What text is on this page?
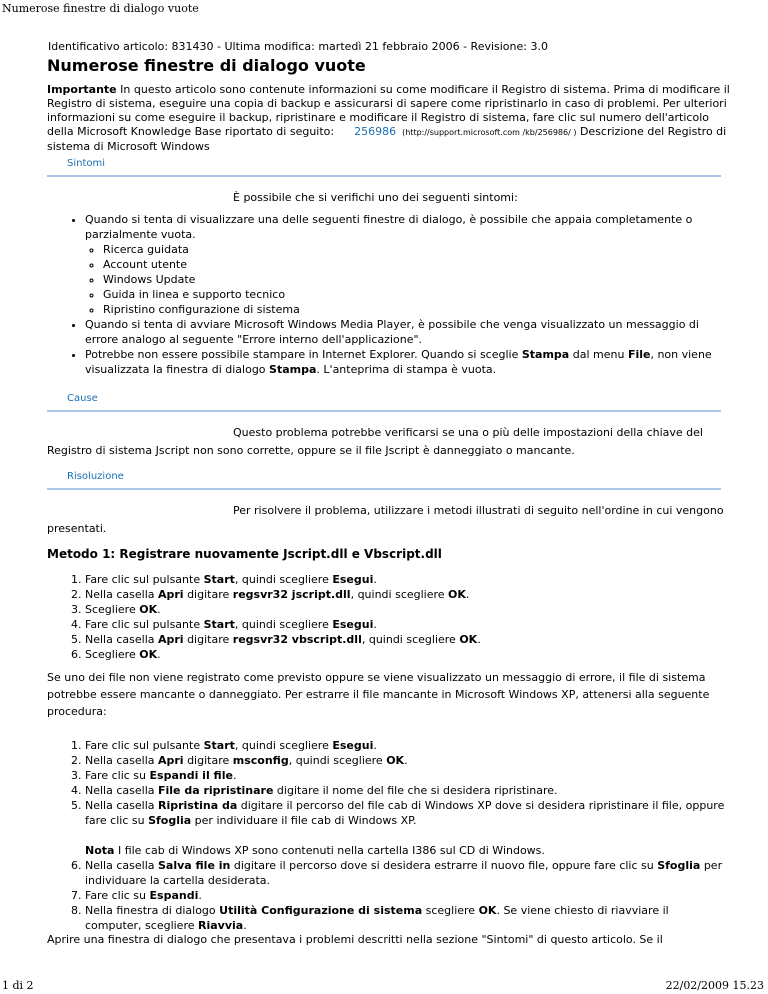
Numerose finestre di dialogo vuote
Identificativo articolo: 831430 - Ultima modifica: martedì 21 febbraio 2006 - Revisione: 3.0
Numerose finestre di dialogo vuote
Importante In questo articolo sono contenute informazioni su come modificare il Registro di sistema. Prima di modificare il Registro di sistema, eseguire una copia di backup e assicurarsi di sapere come ripristinarlo in caso di problemi. Per ulteriori informazioni su come eseguire il backup, ripristinare e modificare il Registro di sistema, fare clic sul numero dell'articolo della Microsoft Knowledge Base riportato di seguito: 256986 (http://support.microsoft.com /kb/256986/ ) Descrizione del Registro di sistema di Microsoft Windows
Sintomi
È possibile che si verifichi uno dei seguenti sintomi:
• Quando si tenta di visualizzare una delle seguenti finestre di dialogo, è possibile che appaia completamente o parzialmente vuota.
◦ Ricerca guidata
◦ Account utente
◦ Windows Update
◦ Guida in linea e supporto tecnico
◦ Ripristino configurazione di sistema
• Quando si tenta di avviare Microsoft Windows Media Player, è possibile che venga visualizzato un messaggio di errore analogo al seguente "Errore interno dell'applicazione".
• Potrebbe non essere possibile stampare in Internet Explorer. Quando si sceglie Stampa dal menu File, non viene visualizzata la finestra di dialogo Stampa. L'anteprima di stampa è vuota.
Cause
Questo problema potrebbe verificarsi se una o più delle impostazioni della chiave del Registro di sistema Jscript non sono corrette, oppure se il file Jscript è danneggiato o mancante.
Risoluzione
Per risolvere il problema, utilizzare i metodi illustrati di seguito nell'ordine in cui vengono presentati.
Metodo 1: Registrare nuovamente Jscript.dll e Vbscript.dll
1. Fare clic sul pulsante Start, quindi scegliere Esegui.
2. Nella casella Apri digitare regsvr32 jscript.dll, quindi scegliere OK.
3. Scegliere OK.
4. Fare clic sul pulsante Start, quindi scegliere Esegui.
5. Nella casella Apri digitare regsvr32 vbscript.dll, quindi scegliere OK.
6. Scegliere OK.
Se uno dei file non viene registrato come previsto oppure se viene visualizzato un messaggio di errore, il file di sistema potrebbe essere mancante o danneggiato. Per estrarre il file mancante in Microsoft Windows XP, attenersi alla seguente procedura:
1. Fare clic sul pulsante Start, quindi scegliere Esegui.
2. Nella casella Apri digitare msconfig, quindi scegliere OK.
3. Fare clic su Espandi il file.
4. Nella casella File da ripristinare digitare il nome del file che si desidera ripristinare.
5. Nella casella Ripristina da digitare il percorso del file cab di Windows XP dove si desidera ripristinare il file, oppure fare clic su Sfoglia per individuare il file cab di Windows XP.
Nota I file cab di Windows XP sono contenuti nella cartella I386 sul CD di Windows.
6. Nella casella Salva file in digitare il percorso dove si desidera estrarre il nuovo file, oppure fare clic su Sfoglia per individuare la cartella desiderata.
7. Fare clic su Espandi.
8. Nella finestra di dialogo Utilità Configurazione di sistema scegliere OK. Se viene chiesto di riavviare il computer, scegliere Riavvia.
Aprire una finestra di dialogo che presentava i problemi descritti nella sezione "Sintomi" di questo articolo. Se il
1 di 2	22/02/2009 15.23
